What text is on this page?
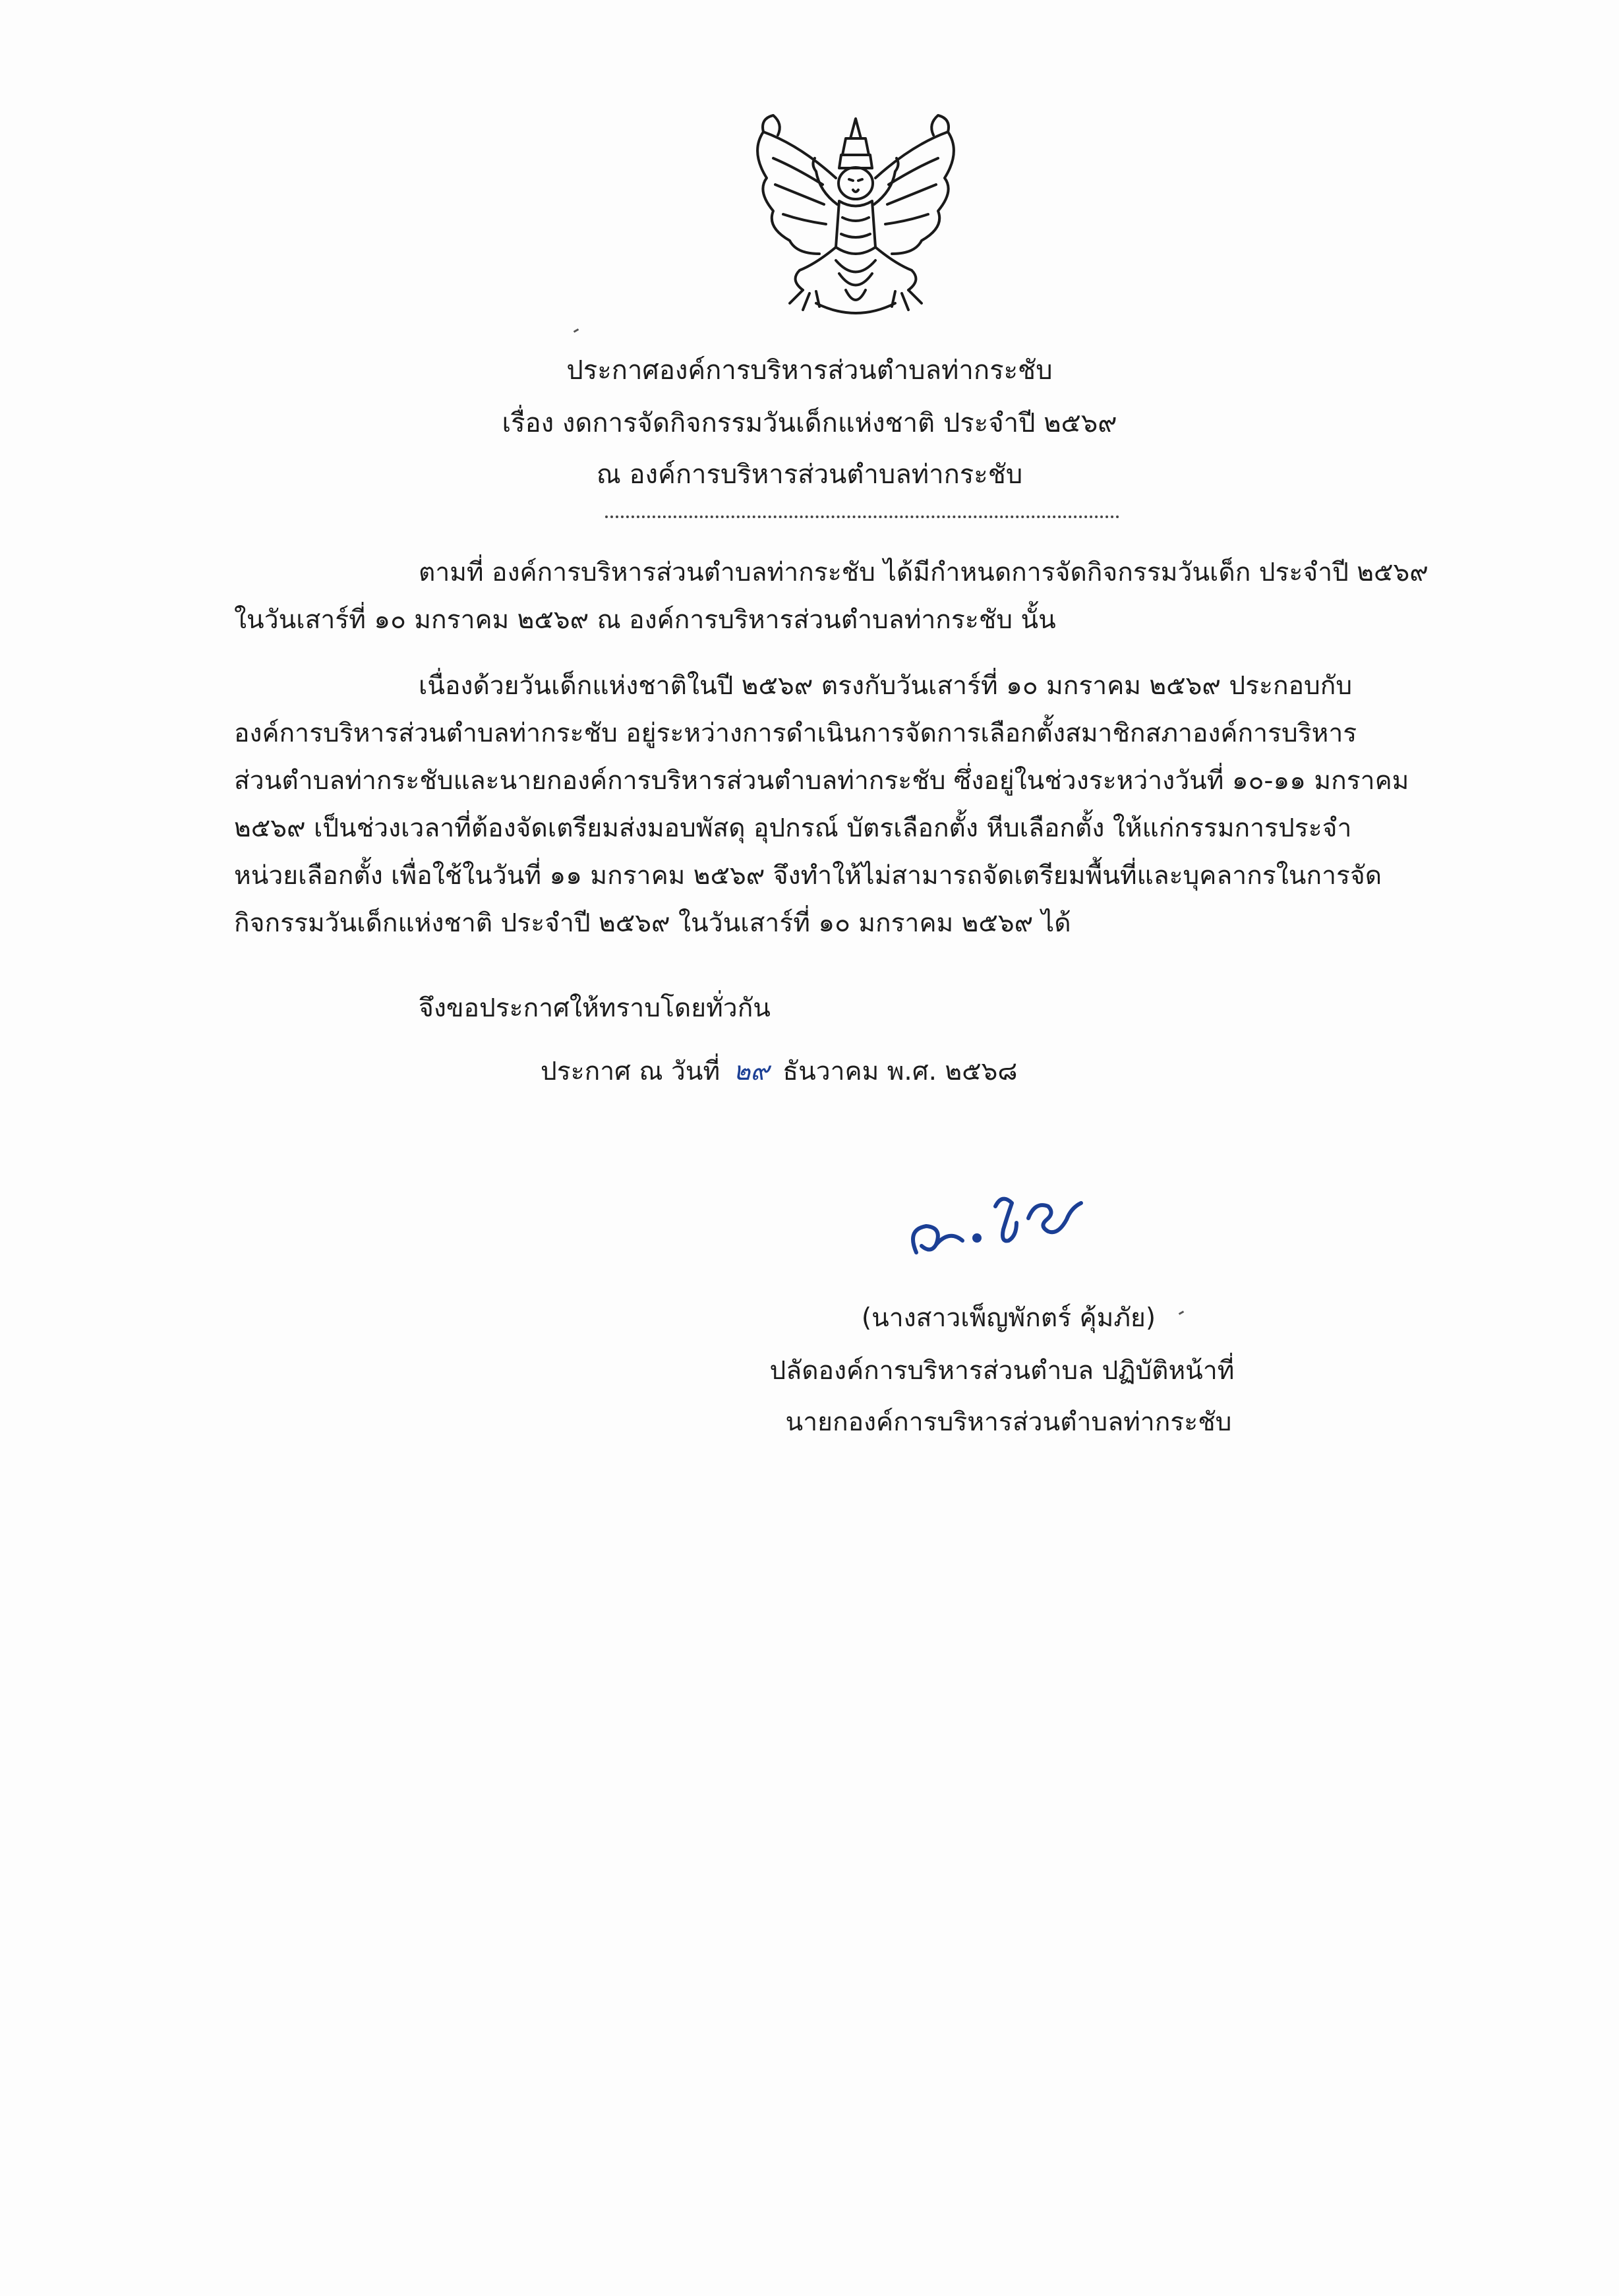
ประกาศองค์การบริหารส่วนตำบลท่ากระชับ
เรื่อง งดการจัดกิจกรรมวันเด็กแห่งชาติ ประจำปี ๒๕๖๙
ณ องค์การบริหารส่วนตำบลท่ากระชับ
ตามที่ องค์การบริหารส่วนตำบลท่ากระชับ ได้มีกำหนดการจัดกิจกรรมวันเด็ก ประจำปี ๒๕๖๙
ในวันเสาร์ที่ ๑๐ มกราคม ๒๕๖๙ ณ องค์การบริหารส่วนตำบลท่ากระชับ นั้น
เนื่องด้วยวันเด็กแห่งชาติในปี ๒๕๖๙ ตรงกับวันเสาร์ที่ ๑๐ มกราคม ๒๕๖๙ ประกอบกับ
องค์การบริหารส่วนตำบลท่ากระชับ อยู่ระหว่างการดำเนินการจัดการเลือกตั้งสมาชิกสภาองค์การบริหาร
ส่วนตำบลท่ากระชับและนายกองค์การบริหารส่วนตำบลท่ากระชับ ซึ่งอยู่ในช่วงระหว่างวันที่ ๑๐-๑๑ มกราคม
๒๕๖๙ เป็นช่วงเวลาที่ต้องจัดเตรียมส่งมอบพัสดุ อุปกรณ์ บัตรเลือกตั้ง หีบเลือกตั้ง ให้แก่กรรมการประจำ
หน่วยเลือกตั้ง เพื่อใช้ในวันที่ ๑๑ มกราคม ๒๕๖๙ จึงทำให้ไม่สามารถจัดเตรียมพื้นที่และบุคลากรในการจัด
กิจกรรมวันเด็กแห่งชาติ ประจำปี ๒๕๖๙ ในวันเสาร์ที่ ๑๐ มกราคม ๒๕๖๙ ได้
จึงขอประกาศให้ทราบโดยทั่วกัน
ประกาศ ณ วันที่ ๒๙ ธันวาคม พ.ศ. ๒๕๖๘
(นางสาวเพ็ญพักตร์ คุ้มภัย)
ปลัดองค์การบริหารส่วนตำบล ปฏิบัติหน้าที่
นายกองค์การบริหารส่วนตำบลท่ากระชับ
